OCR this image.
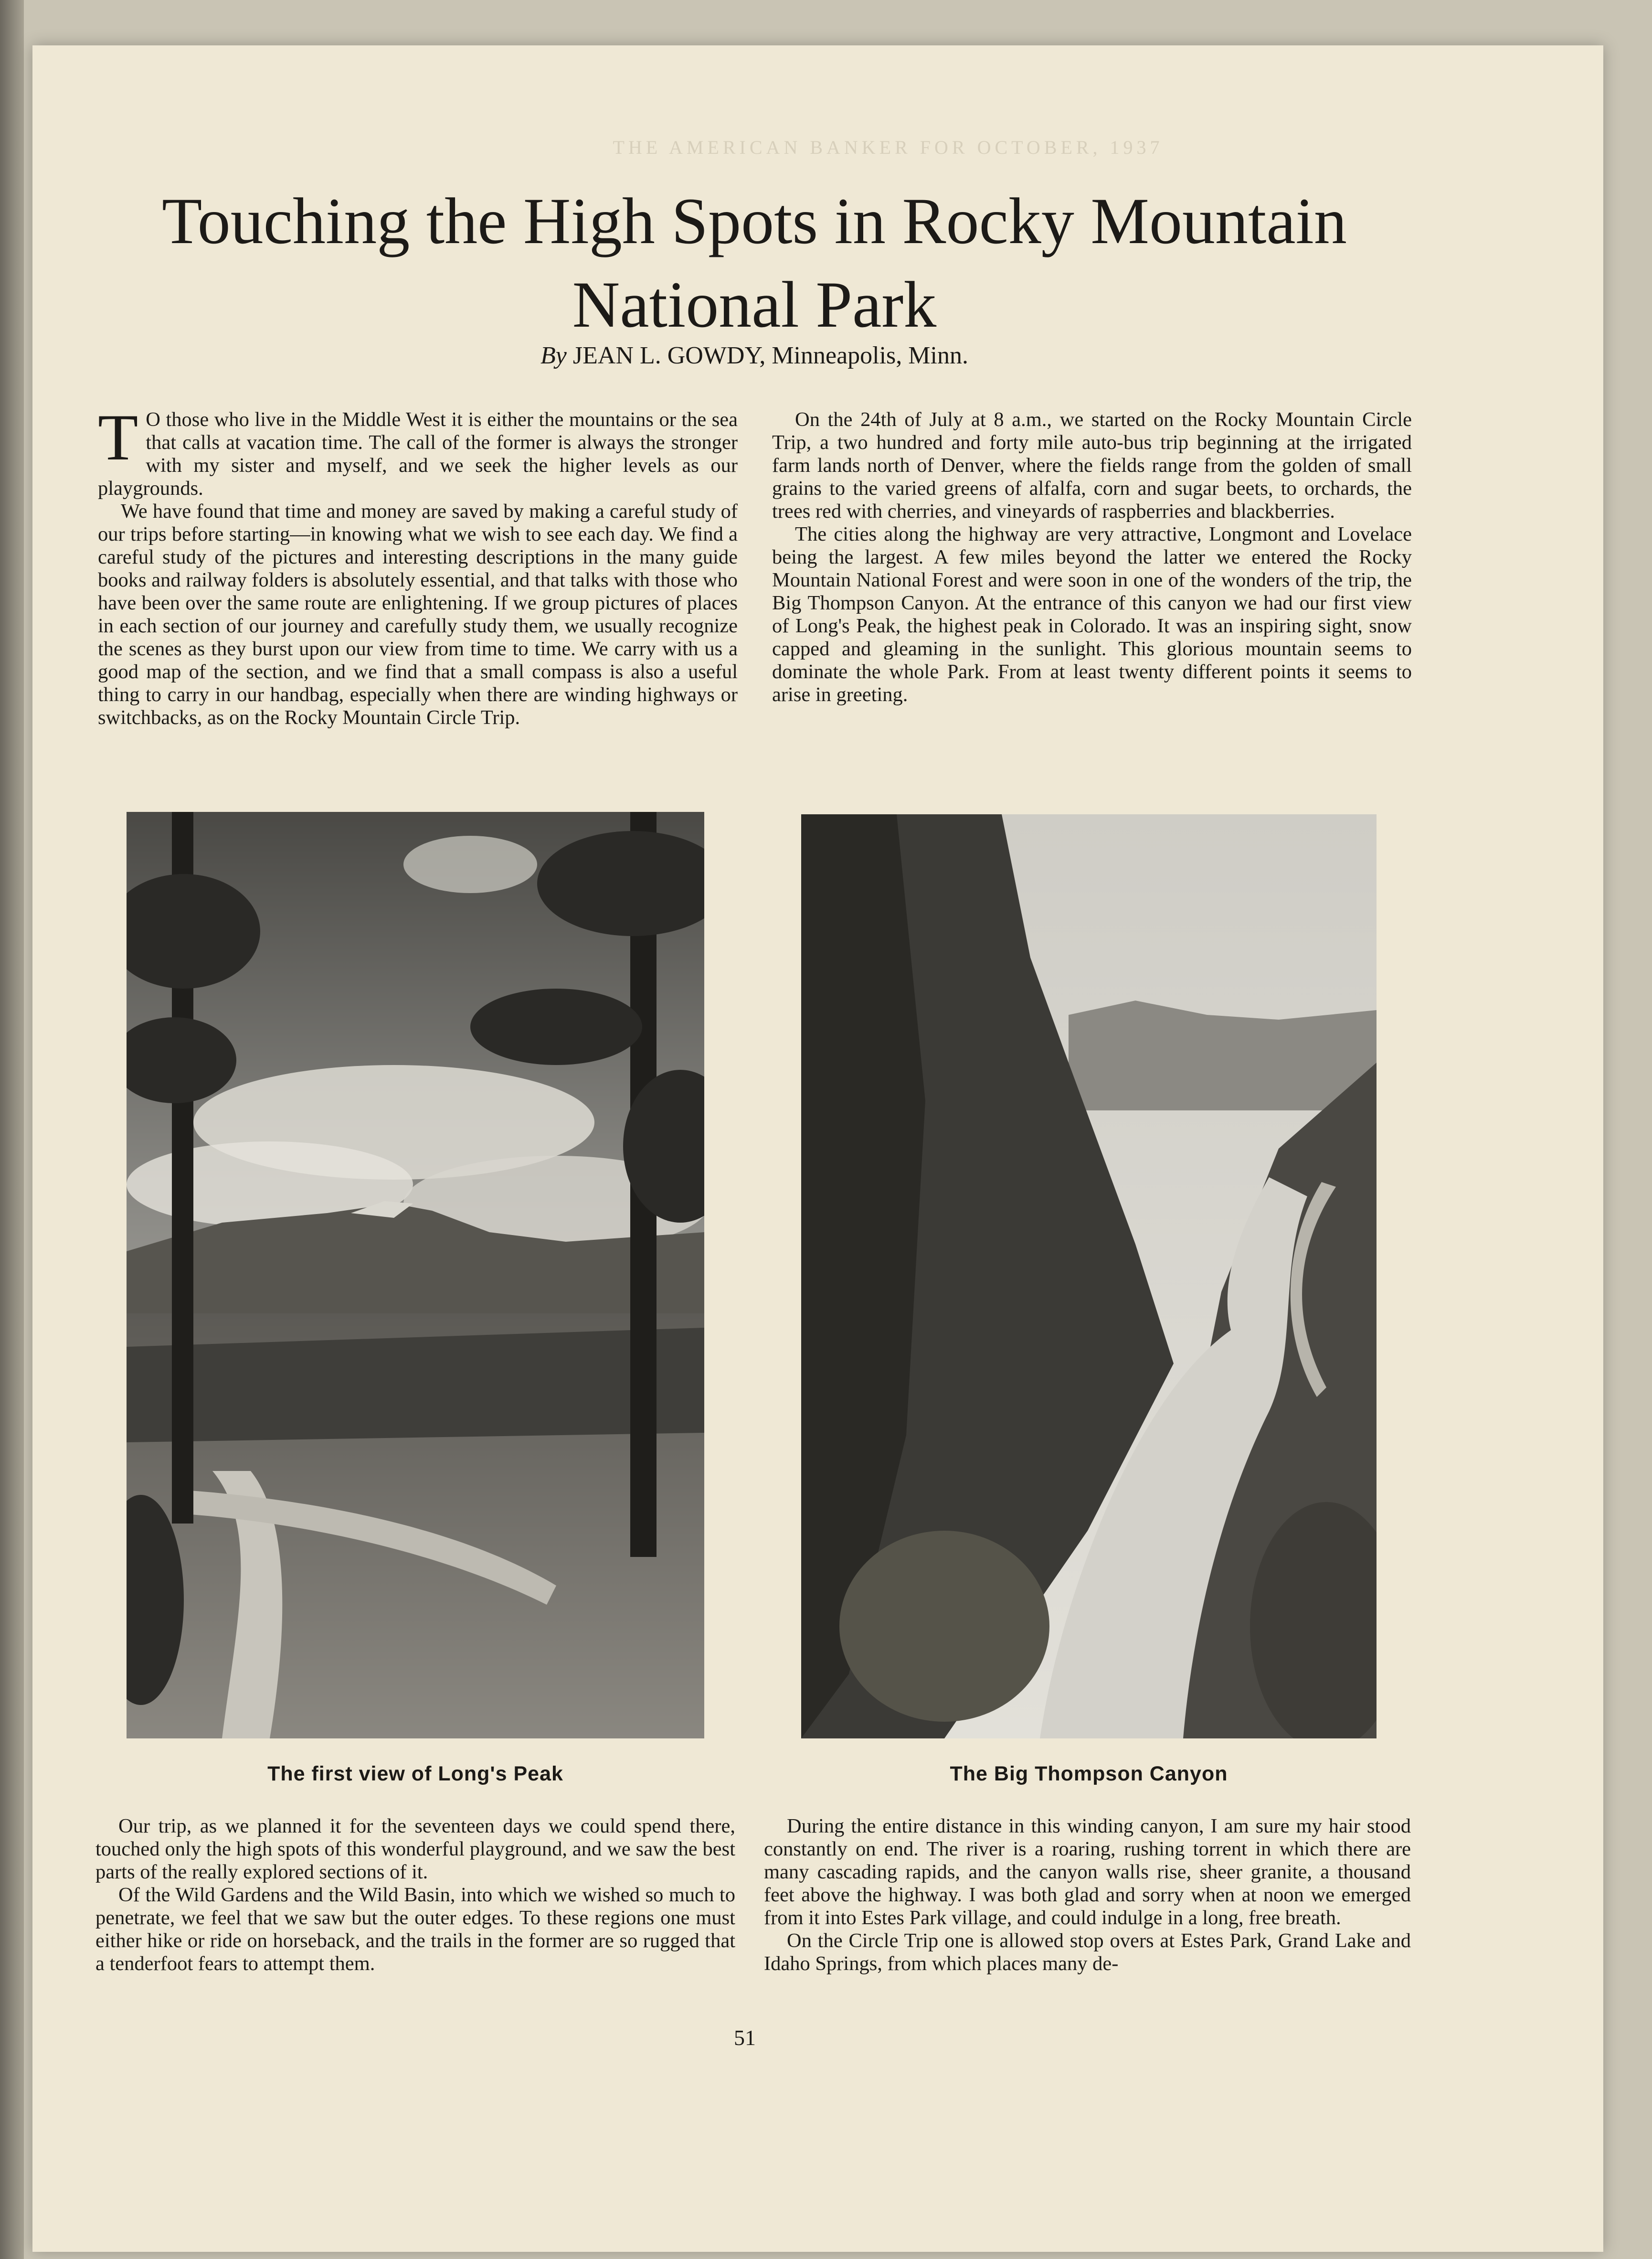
THE AMERICAN BANKER FOR OCTOBER, 1937
Touching the High Spots in Rocky Mountain
National Park
By JEAN L. GOWDY, Minneapolis, Minn.

T O those who live in the Middle West it is either the mountains or the sea that calls at vacation time. The call of the former is always the stronger with my sister and myself, and we seek the higher levels as our playgrounds.

We have found that time and money are saved by making a careful study of our trips before starting—in knowing what we wish to see each day. We find a careful study of the pictures and interesting descriptions in the many guide books and railway folders is absolutely essential, and that talks with those who have been over the same route are enlightening. If we group pictures of places in each section of our journey and carefully study them, we usually recognize the scenes as they burst upon our view from time to time. We carry with us a good map of the section, and we find that a small compass is also a useful thing to carry in our handbag, especially when there are winding highways or switchbacks, as on the Rocky Mountain Circle Trip.

On the 24th of July at 8 a.m., we started on the Rocky Mountain Circle Trip, a two hundred and forty mile auto-bus trip beginning at the irrigated farm lands north of Denver, where the fields range from the golden of small grains to the varied greens of alfalfa, corn and sugar beets, to orchards, the trees red with cherries, and vineyards of raspberries and blackberries.

The cities along the highway are very attractive, Longmont and Lovelace being the largest. A few miles beyond the latter we entered the Rocky Mountain National Forest and were soon in one of the wonders of the trip, the Big Thompson Canyon. At the entrance of this canyon we had our first view of Long's Peak, the highest peak in Colorado. It was an inspiring sight, snow capped and gleaming in the sunlight. This glorious mountain seems to dominate the whole Park. From at least twenty different points it seems to arise in greeting.

The first view of Long's Peak	The Big Thompson Canyon

Our trip, as we planned it for the seventeen days we could spend there, touched only the high spots of this wonderful playground, and we saw the best parts of the really explored sections of it.

Of the Wild Gardens and the Wild Basin, into which we wished so much to penetrate, we feel that we saw but the outer edges. To these regions one must either hike or ride on horseback, and the trails in the former are so rugged that a tenderfoot fears to attempt them.

During the entire distance in this winding canyon, I am sure my hair stood constantly on end. The river is a roaring, rushing torrent in which there are many cascading rapids, and the canyon walls rise, sheer granite, a thousand feet above the highway. I was both glad and sorry when at noon we emerged from it into Estes Park village, and could indulge in a long, free breath.

On the Circle Trip one is allowed stop overs at Estes Park, Grand Lake and Idaho Springs, from which places many de-

51
